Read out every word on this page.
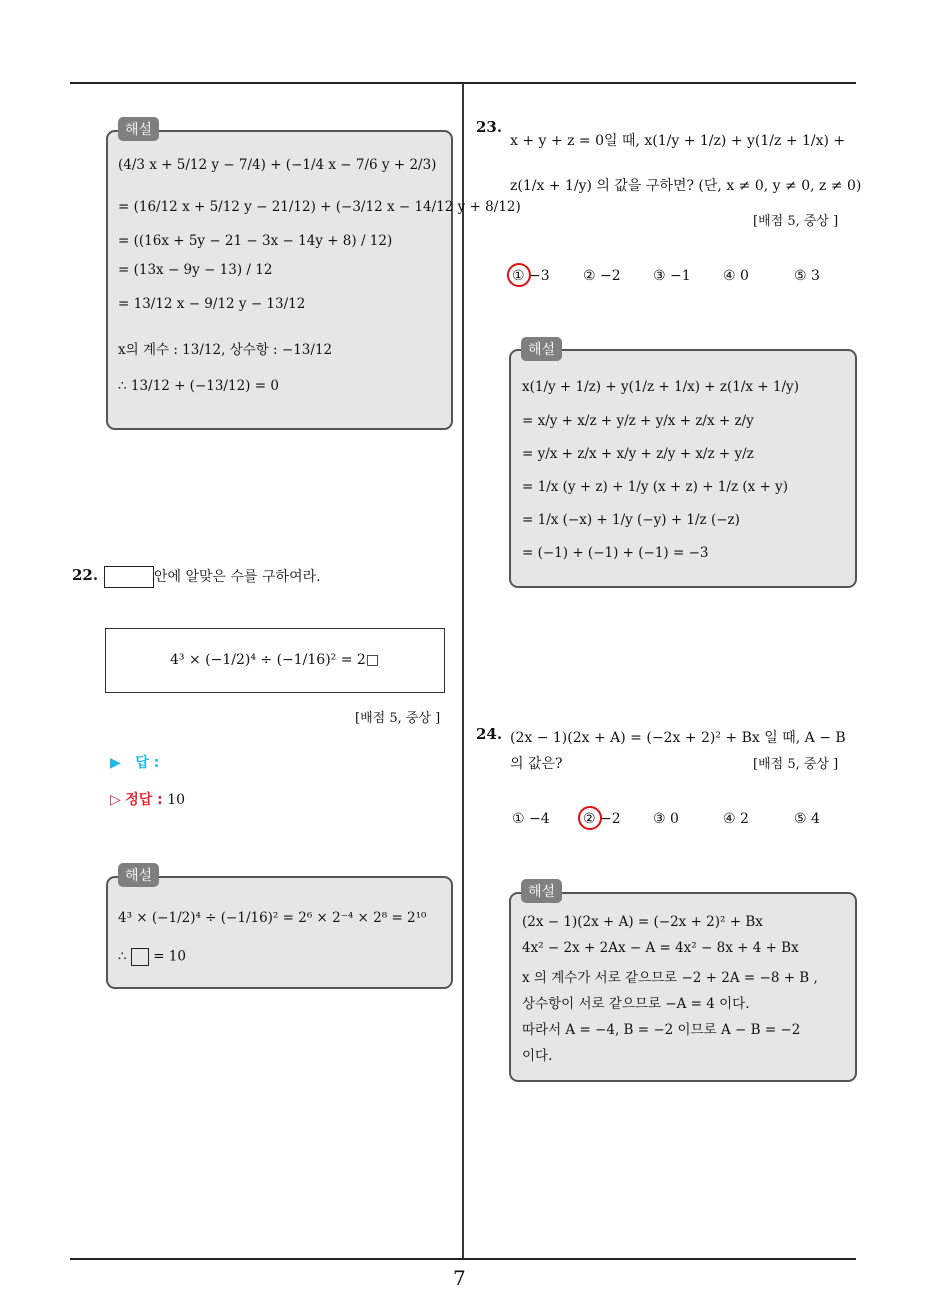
7
해설
(4/3 x + 5/12 y − 7/4) + (−1/4 x − 7/6 y + 2/3)
= (16/12 x + 5/12 y − 21/12) + (−3/12 x − 14/12 y + 8/12)
= ((16x + 5y − 21 − 3x − 14y + 8) / 12)
= (13x − 9y − 13) / 12
= 13/12 x − 9/12 y − 13/12
x의 계수 : 13/12, 상수항 : −13/12
∴ 13/12 + (−13/12) = 0
22.	안에 알맞은 수를 구하여라.
4³ × (−1/2)⁴ ÷ (−1/16)² = 2□
[배점 5, 중상 ]
▶ 답 :
▷ 정답 : 10
해설
4³ × (−1/2)⁴ ÷ (−1/16)² = 2⁶ × 2⁻⁴ × 2⁸ = 2¹⁰
∴ = 10
23.
x + y + z = 0일 때, x(1/y + 1/z) + y(1/z + 1/x) +
z(1/x + 1/y) 의 값을 구하면? (단, x ≠ 0, y ≠ 0, z ≠ 0)
[배점 5, 중상 ]
① −3 ② −2 ③ −1 ④ 0	⑤ 3
해설
x(1/y + 1/z) + y(1/z + 1/x) + z(1/x + 1/y)
= x/y + x/z + y/z + y/x + z/x + z/y
= y/x + z/x + x/y + z/y + x/z + y/z
= 1/x (y + z) + 1/y (x + z) + 1/z (x + y)
= 1/x (−x) + 1/y (−y) + 1/z (−z)
= (−1) + (−1) + (−1) = −3
24. (2x − 1)(2x + A) = (−2x + 2)² + Bx 일 때, A − B
의 값은?	[배점 5, 중상 ]
① −4 ② −2 ③ 0	④ 2	⑤ 4
해설
(2x − 1)(2x + A) = (−2x + 2)² + Bx
4x² − 2x + 2Ax − A = 4x² − 8x + 4 + Bx
x 의 계수가 서로 같으므로 −2 + 2A = −8 + B ,
상수항이 서로 같으므로 −A = 4 이다.
따라서 A = −4, B = −2 이므로 A − B = −2
이다.
